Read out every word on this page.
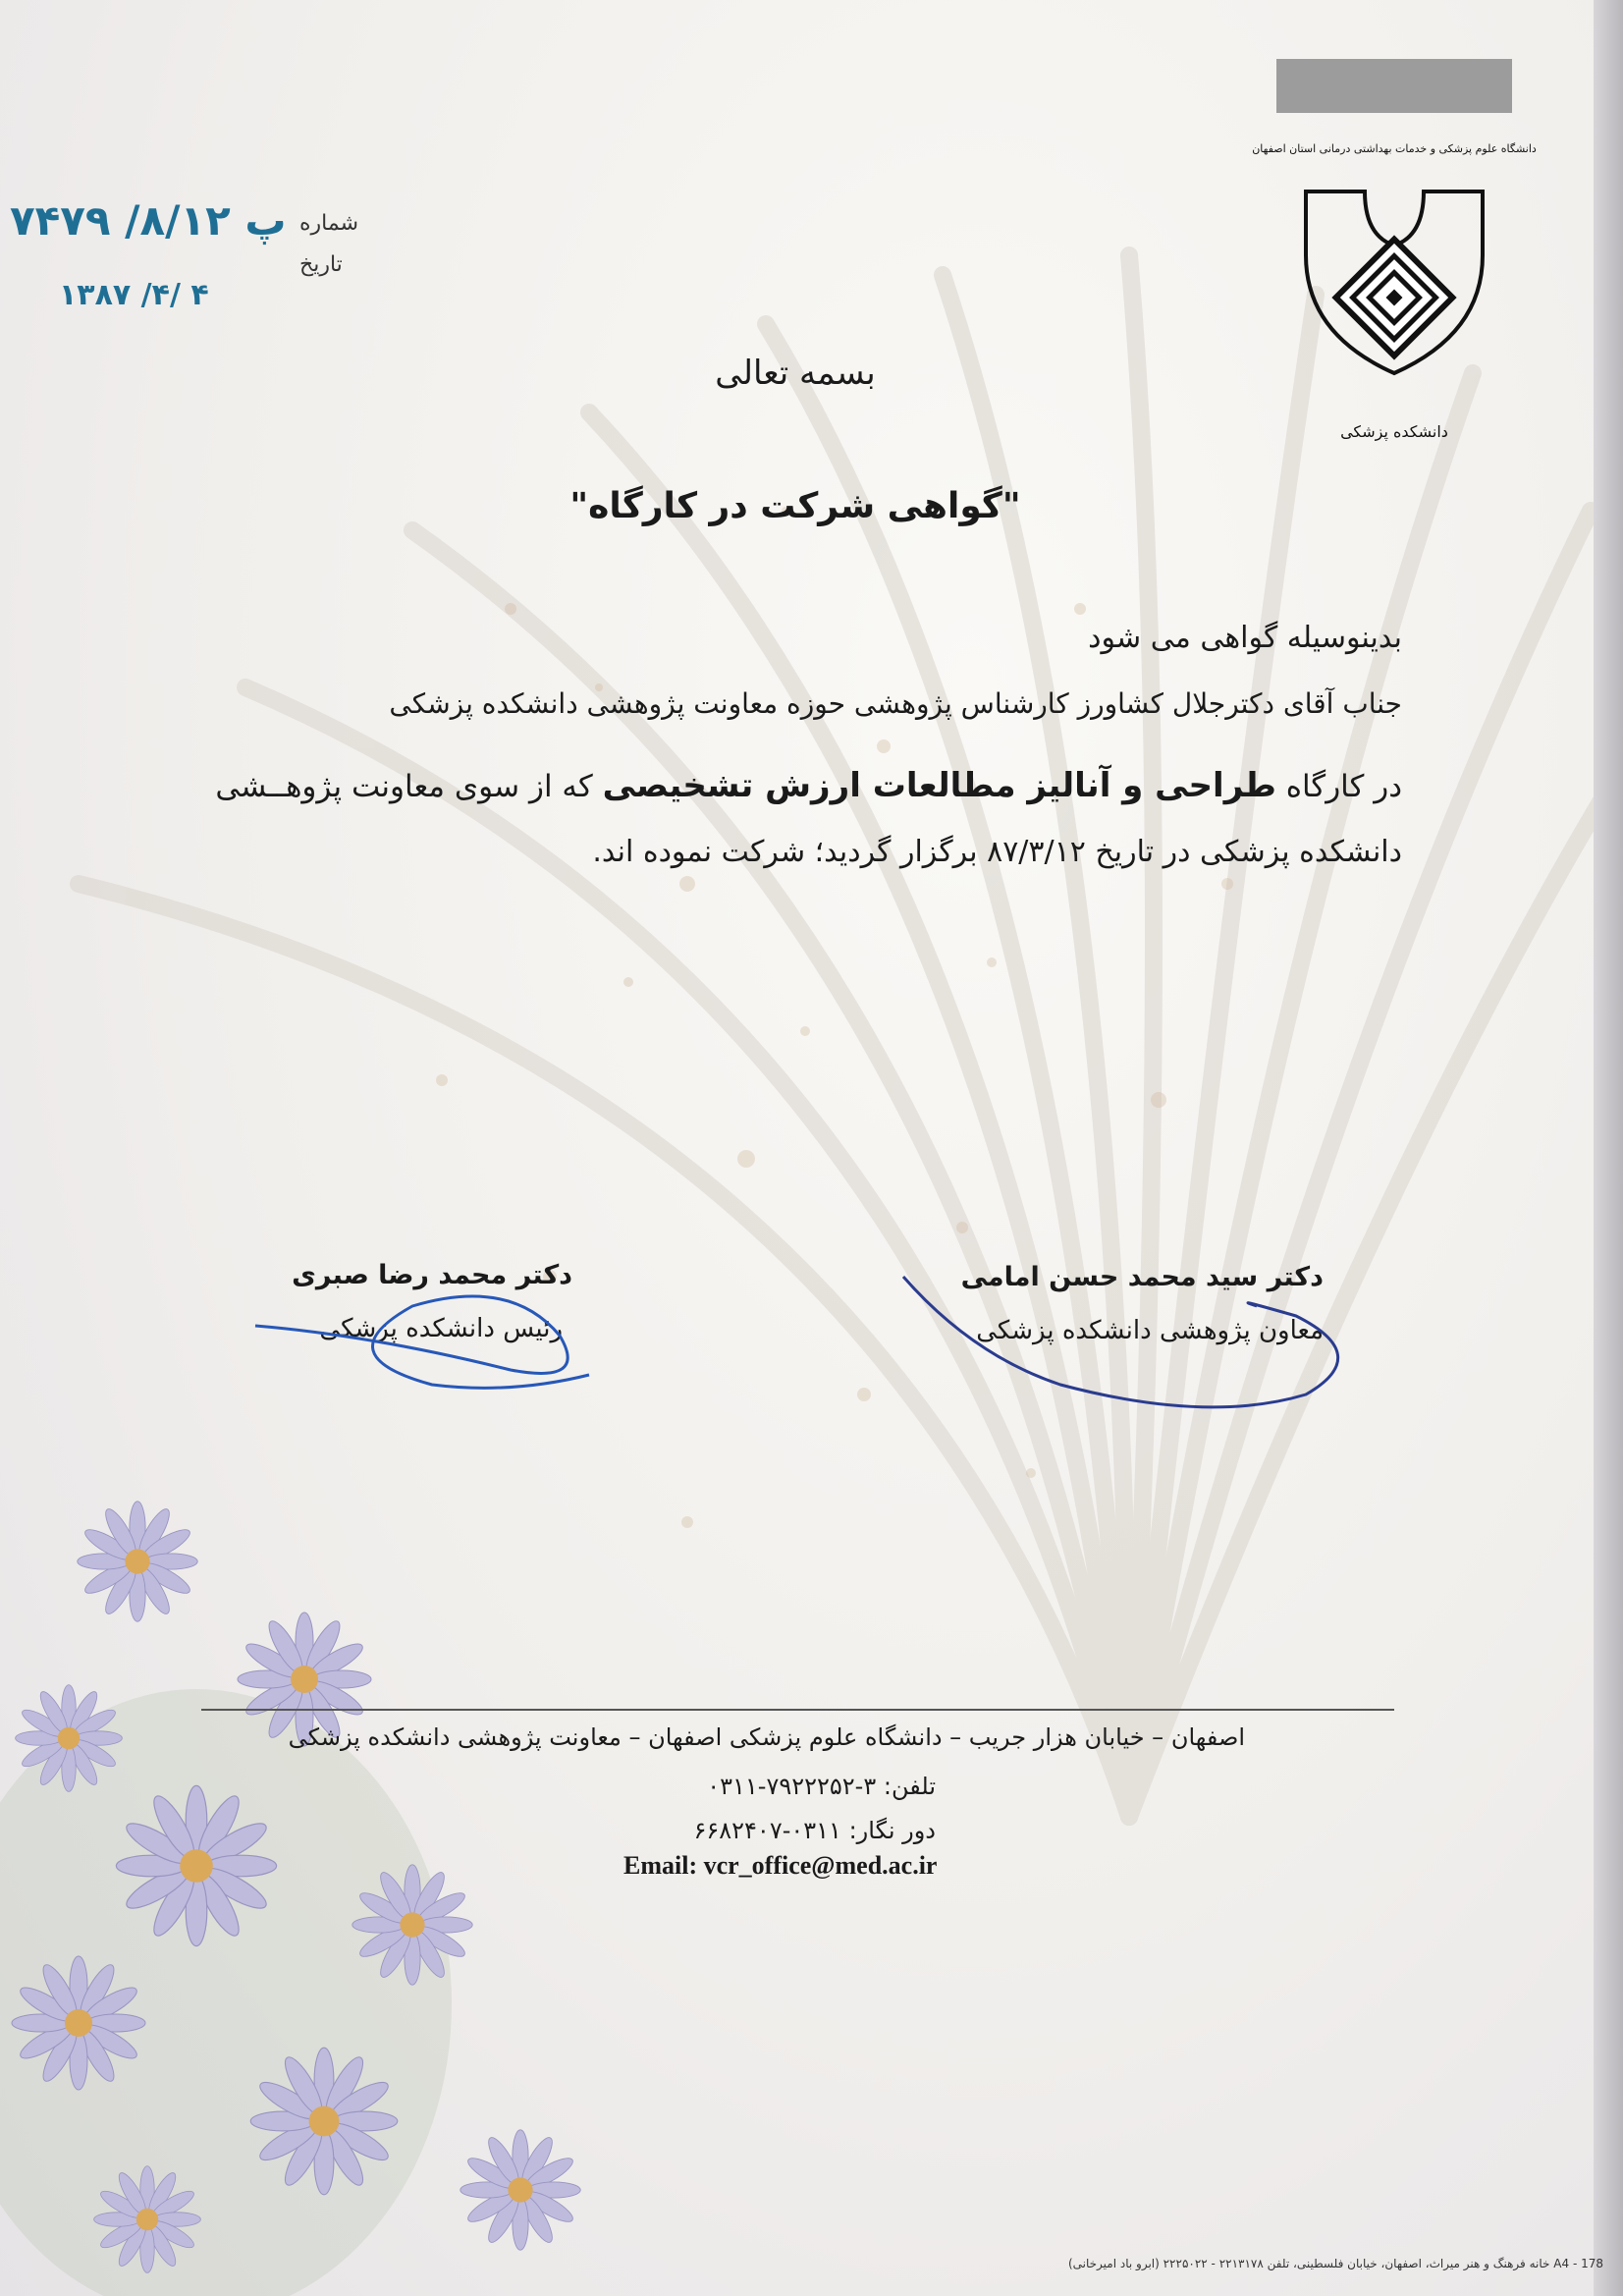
دانشگاه علوم پزشکی و خدمات بهداشتی درمانی استان اصفهان
دانشکده پزشکی
شماره
۷۴۷۹ /۸/پ ۱۲
تاریخ
۱۳۸۷ /۴/ ۴
بسمه تعالی
"گواهی شرکت در کارگاه"
بدینوسیله گواهی می شود
جناب آقای دکترجلال کشاورز کارشناس پژوهشی حوزه معاونت پژوهشی دانشکده پزشکی
در کارگاه طراحی و آنالیز مطالعات ارزش تشخیصی که از سوی معاونت پژوهــشی
دانشکده پزشکی در تاریخ ۸۷/۳/۱۲ برگزار گردید؛ شرکت نموده اند.
دکتر سید محمد حسن امامی
معاون پژوهشی دانشکده پزشکی
دکتر محمد رضا صبری
رئیس دانشکده پزشکی
اصفهان – خیابان هزار جریب – دانشگاه علوم پزشکی اصفهان – معاونت پژوهشی دانشکده پزشکی
تلفن: ۳-۷۹۲۲۲۵۲-۰۳۱۱
دور نگار: ۰۳۱۱-۶۶۸۲۴۰۷
Email: vcr_office@med.ac.ir
A4 - 178 خانه فرهنگ و هنر میراث، اصفهان، خیابان فلسطینی، تلفن ۲۲۱۳۱۷۸ - ۲۲۲۵۰۲۲ (ابرو باد امیرخانی)
